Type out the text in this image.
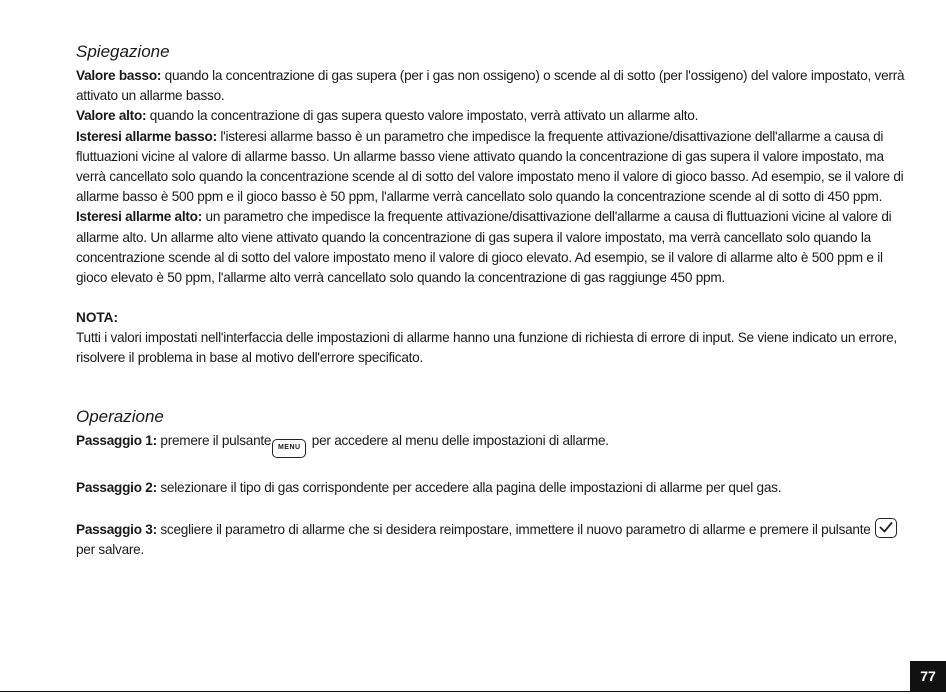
Spiegazione

Valore basso: quando la concentrazione di gas supera (per i gas non ossigeno) o scende al di sotto (per l'ossigeno) del valore impostato, verrà attivato un allarme basso.

Valore alto: quando la concentrazione di gas supera questo valore impostato, verrà attivato un allarme alto.

Isteresi allarme basso: l'isteresi allarme basso è un parametro che impedisce la frequente attivazione/disattivazione dell'allarme a causa di fluttuazioni vicine al valore di allarme basso. Un allarme basso viene attivato quando la concentrazione di gas supera il valore impostato, ma verrà cancellato solo quando la concentrazione scende al di sotto del valore impostato meno il valore di gioco basso. Ad esempio, se il valore di allarme basso è 500 ppm e il gioco basso è 50 ppm, l'allarme verrà cancellato solo quando la concentrazione scende al di sotto di 450 ppm.

Isteresi allarme alto: un parametro che impedisce la frequente attivazione/disattivazione dell'allarme a causa di fluttuazioni vicine al valore di allarme alto. Un allarme alto viene attivato quando la concentrazione di gas supera il valore impostato, ma verrà cancellato solo quando la concentrazione scende al di sotto del valore impostato meno il valore di gioco elevato. Ad esempio, se il valore di allarme alto è 500 ppm e il gioco elevato è 50 ppm, l'allarme alto verrà cancellato solo quando la concentrazione di gas raggiunge 450 ppm.

NOTA:

Tutti i valori impostati nell'interfaccia delle impostazioni di allarme hanno una funzione di richiesta di errore di input. Se viene indicato un errore, risolvere il problema in base al motivo dell'errore specificato.

Operazione

Passaggio 1: premere il pulsante MENU per accedere al menu delle impostazioni di allarme.

Passaggio 2: selezionare il tipo di gas corrispondente per accedere alla pagina delle impostazioni di allarme per quel gas.

Passaggio 3: scegliere il parametro di allarme che si desidera reimpostare, immettere il nuovo parametro di allarme e premere il pulsante
per salvare.

77
